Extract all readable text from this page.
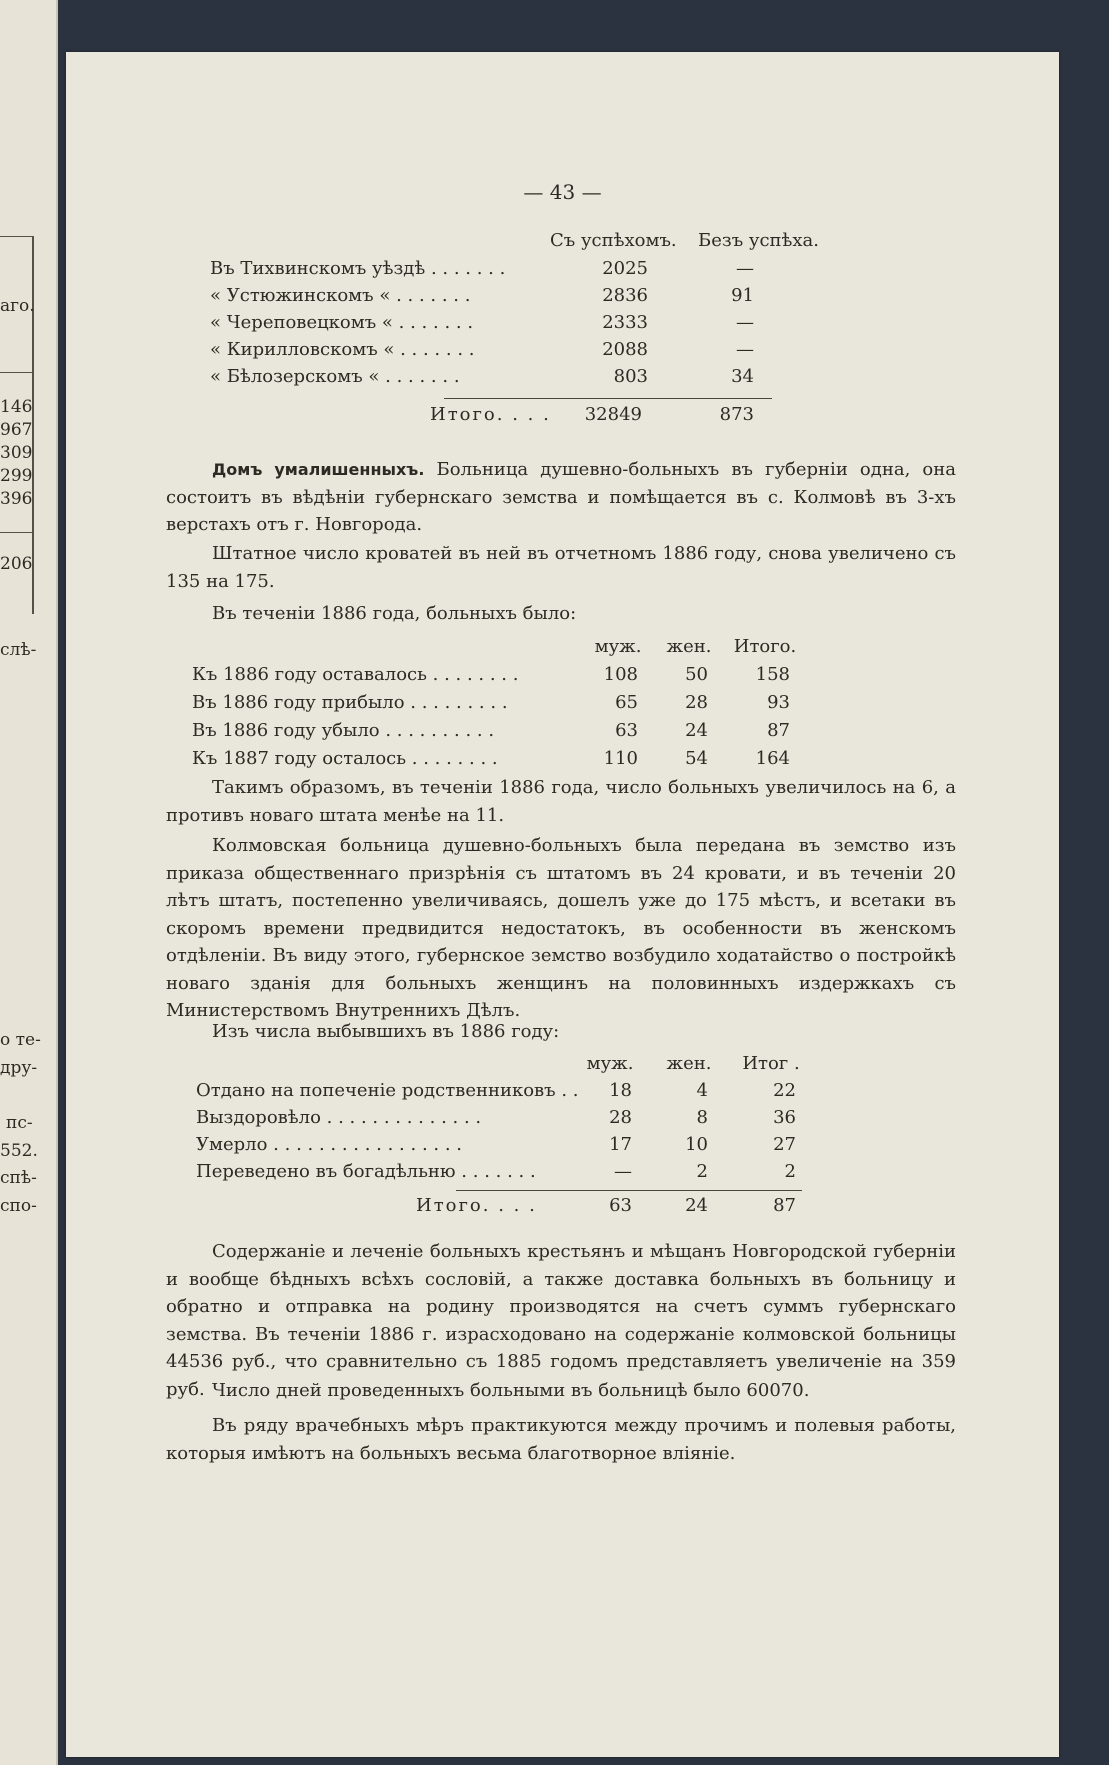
аго.
146
967
309
299
396
206
слѣ-
о те-
дру-
пс-
552.
спѣ-
спо-
— 43 —
Съ успѣхомъ. Безъ успѣха.
Въ Тихвинскомъ уѣздѣ . . . . . . .	2025	—
« Устюжинскомъ « . . . . . . .	2836	91
« Череповецкомъ « . . . . . . .	2333	—
« Кирилловскомъ « . . . . . . .	2088	—
« Бѣлозерскомъ « . . . . . . .	803	34
Итого. . . .	32849	873
Домъ умалишенныхъ. Больница душевно-больныхъ въ губерніи одна, она состоитъ въ вѣдѣніи губернскаго земства и помѣщается въ с. Колмовѣ въ 3-хъ верстахъ отъ г. Новгорода.
Штатное число кроватей въ ней въ отчетномъ 1886 году, снова увеличено съ 135 на 175.
Въ теченіи 1886 года, больныхъ было:
муж.	жен.	Итого.
Къ 1886 году оставалось . . . . . . . .	108	50	158
Въ 1886 году прибыло . . . . . . . . .	65	28	93
Въ 1886 году убыло . . . . . . . . . .	63	24	87
Къ 1887 году осталось . . . . . . . .	110	54	164
Такимъ образомъ, въ теченіи 1886 года, число больныхъ увеличилось на 6, а противъ новаго штата менѣе на 11.
Колмовская больница душевно-больныхъ была передана въ земство изъ приказа общественнаго призрѣнія съ штатомъ въ 24 кровати, и въ теченіи 20 лѣтъ штатъ, постепенно увеличиваясь, дошелъ уже до 175 мѣстъ, и всетаки въ скоромъ времени предвидится недостатокъ, въ особенности въ женскомъ отдѣленіи. Въ виду этого, губернское земство возбудило ходатайство о постройкѣ новаго зданія для больныхъ женщинъ на половинныхъ издержкахъ съ Министерствомъ Внутреннихъ Дѣлъ.
Изъ числа выбывшихъ въ 1886 году:
муж.	жен.	Итог .
Отдано на попеченіе родственниковъ . .	18	4	22
Выздоровѣло . . . . . . . . . . . . . .	28	8	36
Умерло . . . . . . . . . . . . . . . . .	17	10	27
Переведено въ богадѣльню . . . . . . .	—	2	2
Итого. . . .	63	24	87
Содержаніе и леченіе больныхъ крестьянъ и мѣщанъ Новгородской губерніи и вообще бѣдныхъ всѣхъ сословій, а также доставка больныхъ въ больницу и обратно и отправка на родину производятся на счетъ суммъ губернскаго земства. Въ теченіи 1886 г. израсходовано на содержаніе колмовской больницы 44536 руб., что сравнительно съ 1885 годомъ представляетъ увеличеніе на 359 руб. Число дней проведенныхъ больными въ больницѣ было 60070.
Въ ряду врачебныхъ мѣръ практикуются между прочимъ и полевыя работы, которыя имѣютъ на больныхъ весьма благотворное вліяніе.
